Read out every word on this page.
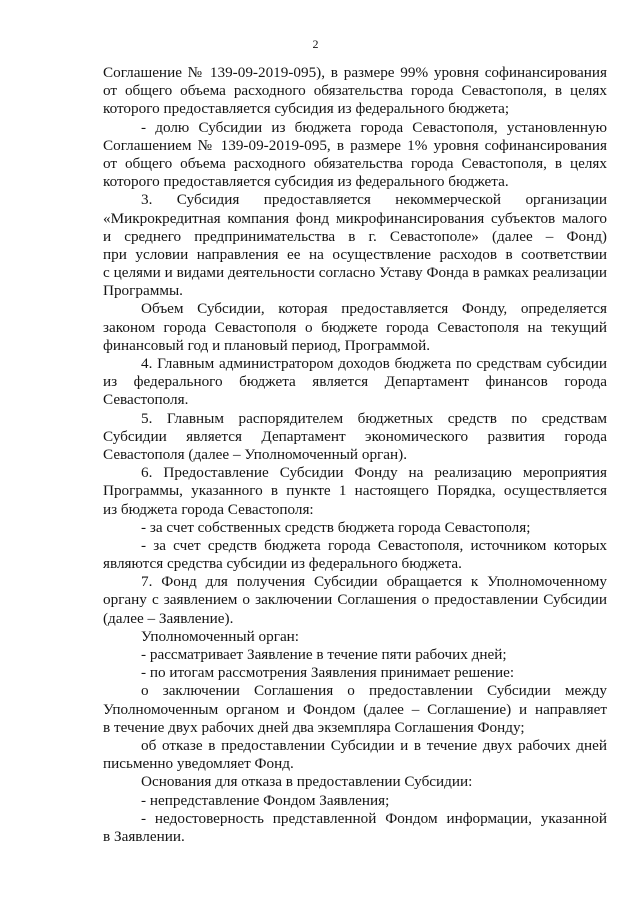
2
Соглашение № 139-09-2019-095), в размере 99% уровня софинансирования
от общего объема расходного обязательства города Севастополя, в целях
которого предоставляется субсидия из федерального бюджета;
- долю Субсидии из бюджета города Севастополя, установленную
Соглашением № 139-09-2019-095, в размере 1% уровня софинансирования
от общего объема расходного обязательства города Севастополя, в целях
которого предоставляется субсидия из федерального бюджета.
3. Субсидия предоставляется некоммерческой организации
«Микрокредитная компания фонд микрофинансирования субъектов малого
и среднего предпринимательства в г. Севастополе» (далее – Фонд)
при условии направления ее на осуществление расходов в соответствии
с целями и видами деятельности согласно Уставу Фонда в рамках реализации
Программы.
Объем Субсидии, которая предоставляется Фонду, определяется
законом города Севастополя о бюджете города Севастополя на текущий
финансовый год и плановый период, Программой.
4. Главным администратором доходов бюджета по средствам субсидии
из федерального бюджета является Департамент финансов города
Севастополя.
5. Главным распорядителем бюджетных средств по средствам
Субсидии является Департамент экономического развития города
Севастополя (далее – Уполномоченный орган).
6. Предоставление Субсидии Фонду на реализацию мероприятия
Программы, указанного в пункте 1 настоящего Порядка, осуществляется
из бюджета города Севастополя:
- за счет собственных средств бюджета города Севастополя;
- за счет средств бюджета города Севастополя, источником которых
являются средства субсидии из федерального бюджета.
7. Фонд для получения Субсидии обращается к Уполномоченному
органу с заявлением о заключении Соглашения о предоставлении Субсидии
(далее – Заявление).
Уполномоченный орган:
- рассматривает Заявление в течение пяти рабочих дней;
- по итогам рассмотрения Заявления принимает решение:
о заключении Соглашения о предоставлении Субсидии между
Уполномоченным органом и Фондом (далее – Соглашение) и направляет
в течение двух рабочих дней два экземпляра Соглашения Фонду;
об отказе в предоставлении Субсидии и в течение двух рабочих дней
письменно уведомляет Фонд.
Основания для отказа в предоставлении Субсидии:
- непредставление Фондом Заявления;
- недостоверность представленной Фондом информации, указанной
в Заявлении.
